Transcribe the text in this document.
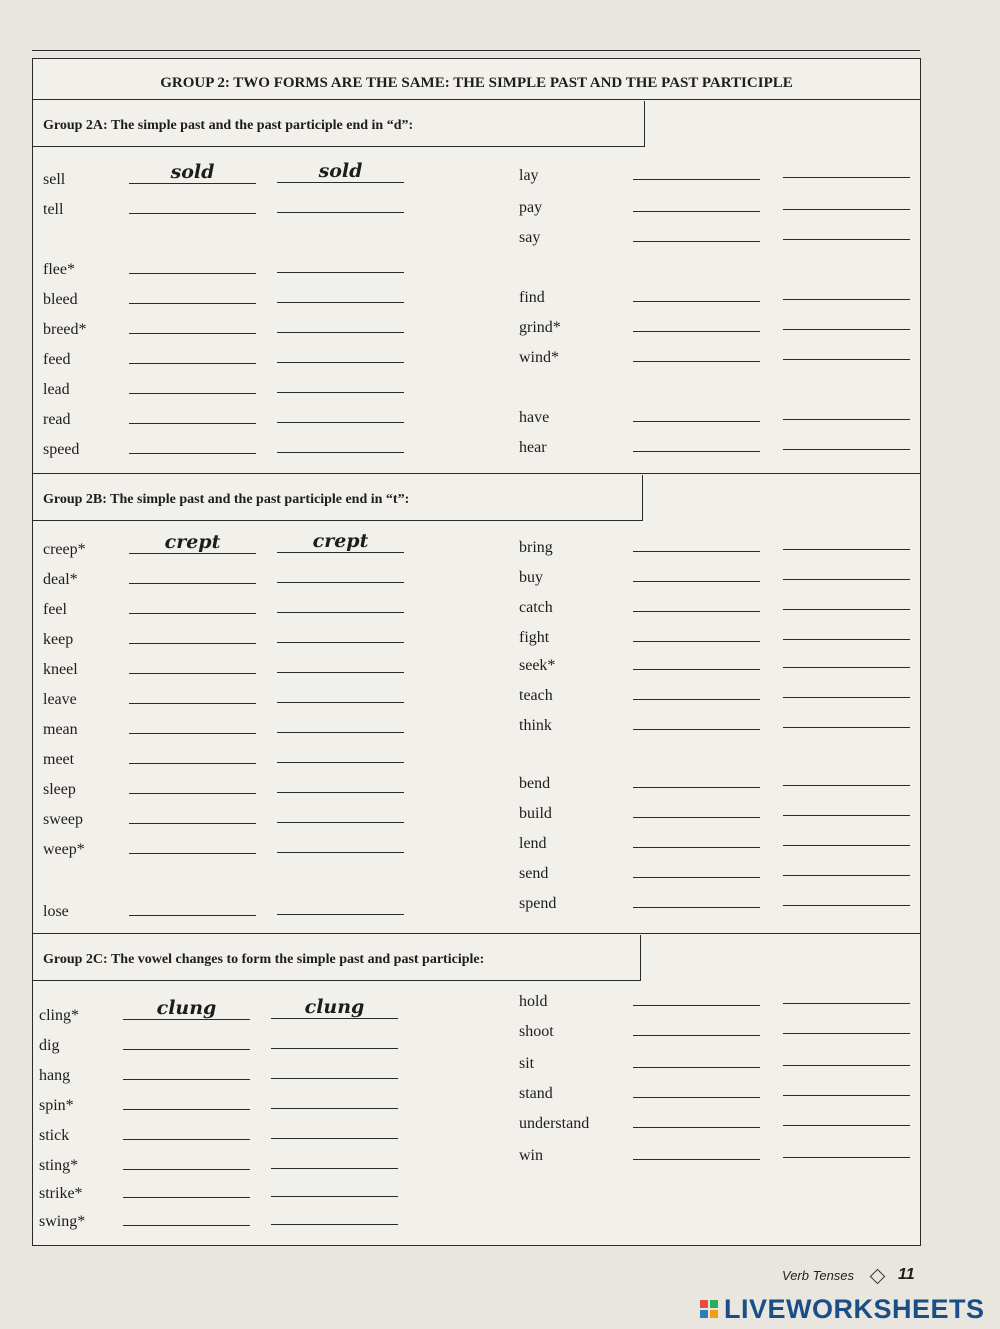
GROUP 2: TWO FORMS ARE THE SAME: THE SIMPLE PAST AND THE PAST PARTICIPLE
Group 2A: The simple past and the past participle end in “d”:
Group 2B: The simple past and the past participle end in “t”:
Group 2C: The vowel changes to form the simple past and past participle:
sell	sold	sold
tell
flee*
bleed
breed*
feed
lead
read
speed
lay
pay
say
find
grind*
wind*
have
hear
creep*	crept	crept
deal*
feel
keep
kneel
leave
mean
meet
sleep
sweep
weep*
lose
bring
buy
catch
fight
seek*
teach
think
bend
build
lend
send
spend
cling*	clung	clung
dig
hang
spin*
stick
sting*
strike*
swing*
hold
shoot
sit
stand
understand
win
Verb Tenses	11
LIVEWORKSHEETS
